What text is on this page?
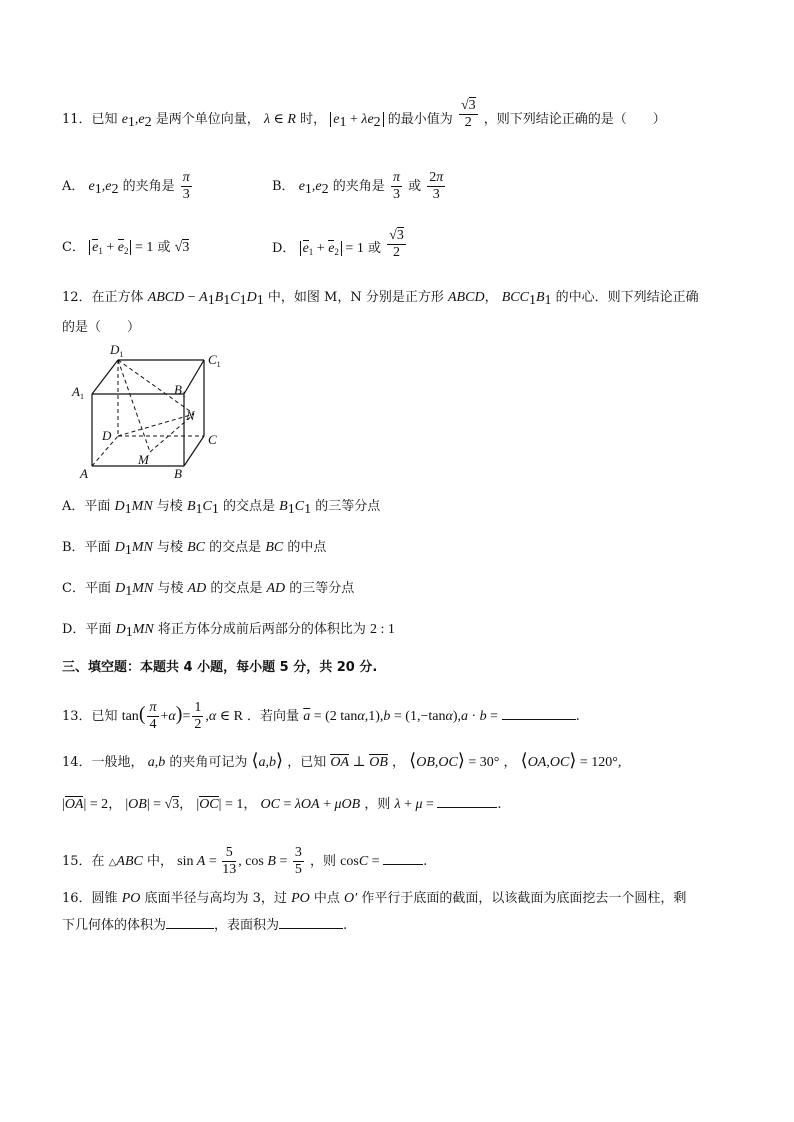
11．已知 $e_1,e_2$ 是两个单位向量， λ ∈ R 时， $e_1 + \lambda e_2$ 的最小值为 $\frac{√3}{2}$ ，则下列结论正确的是（　　）
A． $e_1,e_2$ 的夹角是 $\frac{\pi}{3}$	B． $e_1,e_2$ 的夹角是 $\frac{\pi}{3}$ 或 $\frac{2\pi}{3}$
C． $e_1 + e_2 = 1$ 或 √3	D． $e_1 + e_2 = 1$ 或 $\frac{√3}{2}$
12．在正方体 ABCD − $A_1B_1C_1D_1$ 中，如图 M，N 分别是正方形 ABCD， $BCC_1B_1$ 的中心．则下列结论正确
的是（　　）
$D_1$	$C_1$
$A_1$	$B_1$
N
D	C
M
A	B
A．平面 $D_1MN$ 与棱 $B_1C_1$ 的交点是 $B_1C_1$ 的三等分点
B．平面 $D_1MN$ 与棱 BC 的交点是 BC 的中点
C．平面 $D_1MN$ 与棱 AD 的交点是 AD 的三等分点
D．平面 $D_1MN$ 将正方体分成前后两部分的体积比为 2 : 1
三、填空题：本题共 4 小题，每小题 5 分，共 20 分.
13．已知 $\tan( \frac{\pi}{4} +\alpha)= \frac{1}{2} ,\alpha$ ∈ R ．若向量 $\overline{a} = (2$ tanα,1),b = (1,−tanα),a · b =	.
14．一般地， a,b 的夹角可记为 ⟨a,b⟩ ，已知 OA ⊥ OB ， ⟨OB,OC⟩ = 30° ， ⟨OA,OC⟩ = 120°,
|OA| = 2， |OB| = √3， |OC| = 1， OC = λOA + μOB ，则 λ + μ =	.
15．在 △ABC 中， $\sin A = \frac{5}{13}$ , $\cos B = \frac{3}{5}$ ，则 cosC =	.
16．圆锥 PO 底面半径与高均为 3，过 PO 中点 O′ 作平行于底面的截面，以该截面为底面挖去一个圆柱，剩
下几何体的体积为	，表面积为	.
